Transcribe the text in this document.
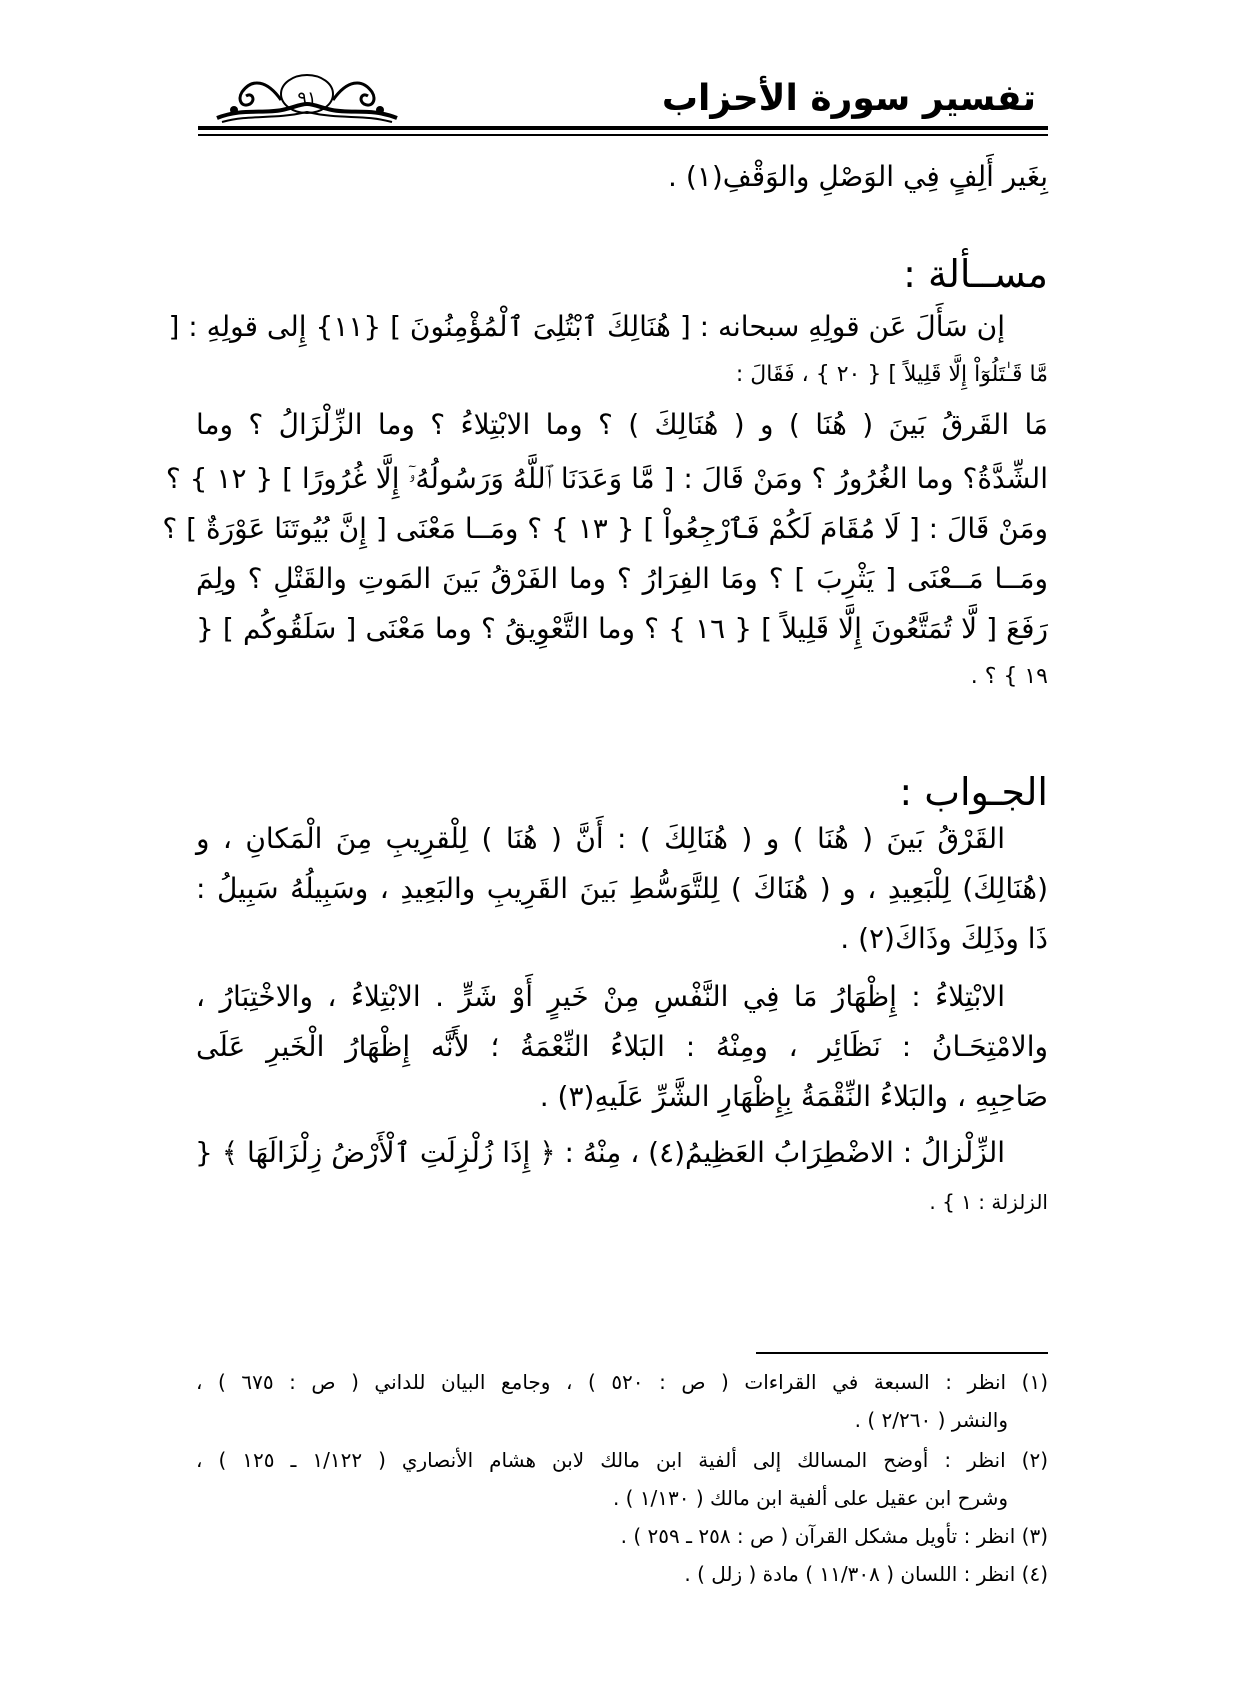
تفسير سورة الأحزاب
٩١
بِغَير أَلِفٍ فِي الوَصْلِ والوَقْفِ(١) .
مســألة :
إن سَأَلَ عَن قولِهِ سبحانه : [ هُنَالِكَ ٱبْتُلِىَ ٱلْمُؤْمِنُونَ ] {١١} إِلى قولِهِ : [
مَّا قَـٰتَلُوٓاْ إِلَّا قَلِيلاً ] { ٢٠ } ، فَقَالَ :
مَا القَرقُ بَينَ ( هُنَا ) و ( هُنَالِكَ ) ؟ وما الابْتِلاءُ ؟ وما الزِّلْزَالُ ؟ وما
الشِّدَّةُ؟ وما الغُرُورُ ؟ ومَنْ قَالَ : [ مَّا وَعَدَنَا ٱللَّهُ وَرَسُولُهُۥٓ إِلَّا غُرُورًا ] { ١٢ } ؟
ومَنْ قَالَ : [ لَا مُقَامَ لَكُمْ فَٱرْجِعُواْ ] { ١٣ } ؟ ومَــا مَعْنَى [ إِنَّ بُيُوتَنَا عَوْرَةٌ ] ؟
ومَــا مَــعْنَى [ يَثْرِبَ ] ؟ ومَا الفِرَارُ ؟ وما الفَرْقُ بَينَ المَوتِ والقَتْلِ ؟ ولِمَ
رَفَعَ [ لَّا تُمَتَّعُونَ إِلَّا قَلِيلاً ] { ١٦ } ؟ وما التَّعْوِيقُ ؟ وما مَعْنَى [ سَلَقُوكُم ] {
١٩ } ؟ .
الجـواب :
القَرْقُ بَينَ ( هُنَا ) و ( هُنَالِكَ ) : أَنَّ ( هُنَا ) لِلْقرِيبِ مِنَ الْمَكانِ ، و
(هُنَالِكَ) لِلْبَعِيدِ ، و ( هُنَاكَ ) لِلتَّوَسُّطِ بَينَ القَرِيبِ والبَعِيدِ ، وسَبِيلُهُ سَبِيلُ :
ذَا وذَلِكَ وذَاكَ(٢) .
الابْتِلاءُ : إِظْهَارُ مَا فِي النَّفْسِ مِنْ خَيرٍ أَوْ شَرٍّ . الابْتِلاءُ ، والاخْتِبَارُ ،
والامْتِحَـانُ : نَظَائِر ، ومِنْهُ : البَلاءُ النِّعْمَةُ ؛ لأَنَّه إِظْهَارُ الْخَيرِ عَلَى
صَاحِبِهِ ، والبَلاءُ النِّقْمَةُ بِإِظْهَارِ الشَّرِّ عَلَيهِ(٣) .
الزِّلْزالُ : الاضْطِرَابُ العَظِيمُ(٤) ، مِنْهُ : ﴿ إِذَا زُلْزِلَتِ ٱلْأَرْضُ زِلْزَالَهَا ﴾ {
الزلزلة : ١ } .
(١) انظر : السبعة في القراءات ( ص : ٥٢٠ ) ، وجامع البيان للداني ( ص : ٦٧٥ ) ،
والنشر ( ٢/٢٦٠ ) .
(٢) انظر : أوضح المسالك إلى ألفية ابن مالك لابن هشام الأنصاري ( ١/١٢٢ ـ ١٢٥ ) ،
وشرح ابن عقيل على ألفية ابن مالك ( ١/١٣٠ ) .
(٣) انظر : تأويل مشكل القرآن ( ص : ٢٥٨ ـ ٢٥٩ ) .
(٤) انظر : اللسان ( ١١/٣٠٨ ) مادة ( زلل ) .
